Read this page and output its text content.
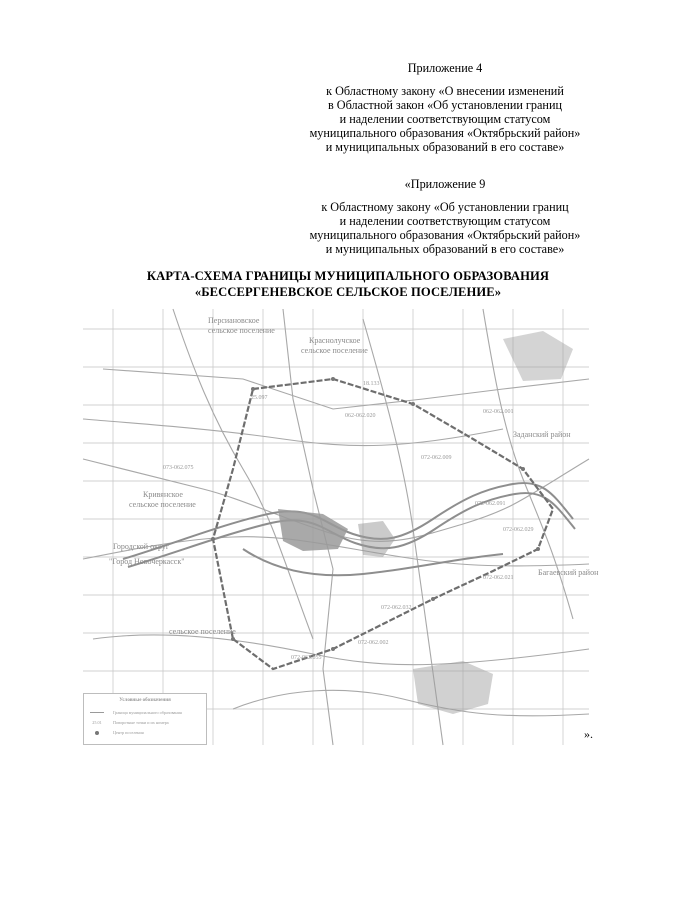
Приложение 4
к Областному закону «О внесении изменений
в Областной закон «Об установлении границ
и наделении соответствующим статусом
муниципального образования «Октябрьский район»
и муниципальных образований в его составе»
«Приложение 9
к Областному закону «Об установлении границ
и наделении соответствующим статусом
муниципального образования «Октябрьский район»
и муниципальных образований в его составе»
КАРТА-СХЕМА ГРАНИЦЫ МУНИЦИПАЛЬНОГО ОБРАЗОВАНИЯ
«БЕССЕРГЕНЕВСКОЕ СЕЛЬСКОЕ ПОСЕЛЕНИЕ»
Персиановское
сельское поселение
Краснолучское
сельское поселение
Кривянское
сельское поселение
Городской округ
"Город Новочеркасск"
Багаевский район
Заданский район
сельское поселение
073-062.075
062-062.020
072-062.009
072-062.091
072-062.021
072-062.032
072-062.055
072-062.002
062-062.001
25.097
18.133
072-062.029
Условные обозначения
Граница муниципального образования
25.01	Поворотные точки и их номера
Центр поселения	».
